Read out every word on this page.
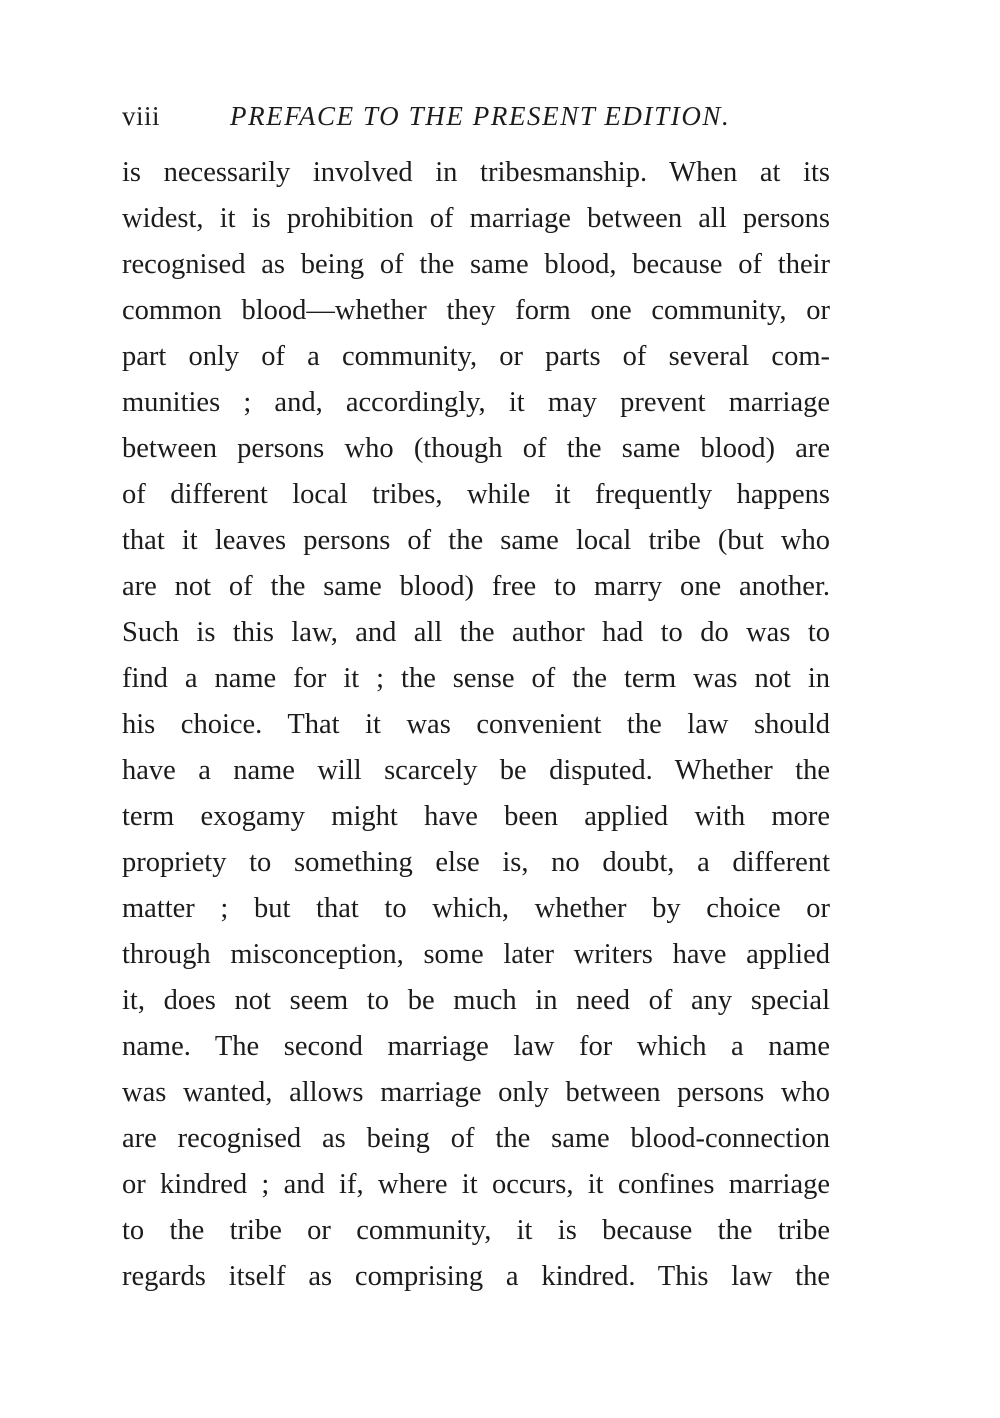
viii	PREFACE TO THE PRESENT EDITION.
is necessarily involved in tribesmanship. When at its
widest, it is prohibition of marriage between all persons
recognised as being of the same blood, because of their
common blood—whether they form one community, or
part only of a community, or parts of several com-
munities ; and, accordingly, it may prevent marriage
between persons who (though of the same blood) are
of different local tribes, while it frequently happens
that it leaves persons of the same local tribe (but who
are not of the same blood) free to marry one another.
Such is this law, and all the author had to do was to
find a name for it ; the sense of the term was not in
his choice. That it was convenient the law should
have a name will scarcely be disputed. Whether the
term exogamy might have been applied with more
propriety to something else is, no doubt, a different
matter ; but that to which, whether by choice or
through misconception, some later writers have applied
it, does not seem to be much in need of any special
name. The second marriage law for which a name
was wanted, allows marriage only between persons who
are recognised as being of the same blood-connection
or kindred ; and if, where it occurs, it confines marriage
to the tribe or community, it is because the tribe
regards itself as comprising a kindred. This law the
